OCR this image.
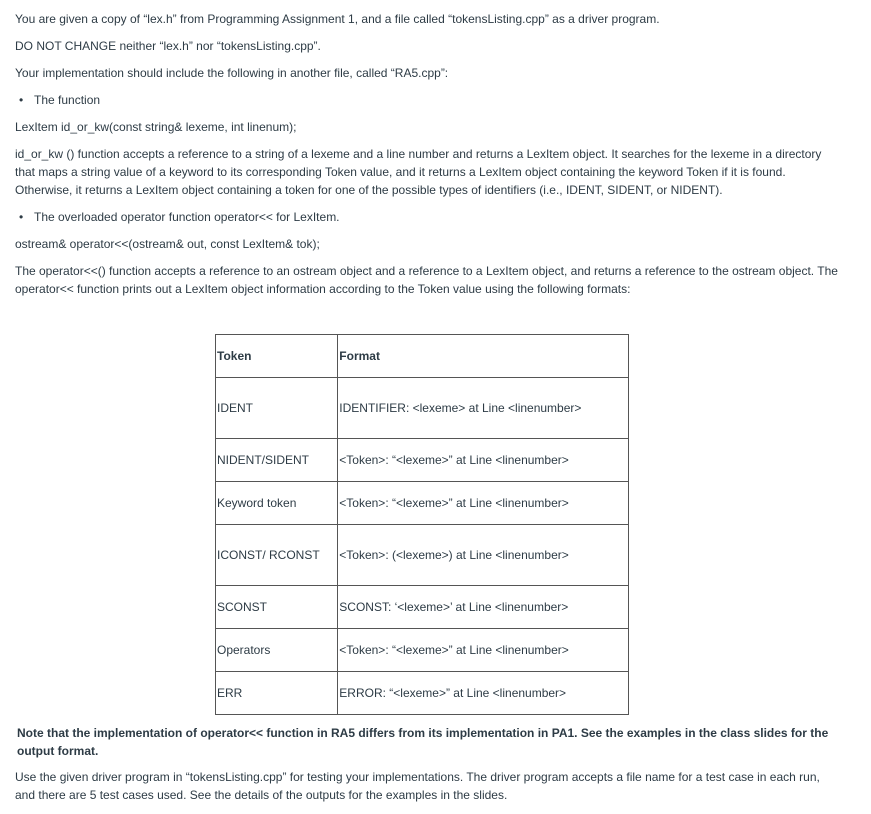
You are given a copy of “lex.h” from Programming Assignment 1, and a file called “tokensListing.cpp” as a driver program.

DO NOT CHANGE neither “lex.h” nor “tokensListing.cpp”.

Your implementation should include the following in another file, called “RA5.cpp”:

• The function

LexItem id_or_kw(const string& lexeme, int linenum);

id_or_kw () function accepts a reference to a string of a lexeme and a line number and returns a LexItem object. It searches for the lexeme in a directory that maps a string value of a keyword to its corresponding Token value, and it returns a LexItem object containing the keyword Token if it is found. Otherwise, it returns a LexItem object containing a token for one of the possible types of identifiers (i.e., IDENT, SIDENT, or NIDENT).

• The overloaded operator function operator<< for LexItem.

ostream& operator<<(ostream& out, const LexItem& tok);

The operator<<() function accepts a reference to an ostream object and a reference to a LexItem object, and returns a reference to the ostream object. The operator<< function prints out a LexItem object information according to the Token value using the following formats:

Token	Format
IDENT	IDENTIFIER: <lexeme> at Line <linenumber>
NIDENT/SIDENT	<Token>: “<lexeme>” at Line <linenumber>
Keyword token	<Token>: “<lexeme>” at Line <linenumber>
ICONST/ RCONST	<Token>: (<lexeme>) at Line <linenumber>
SCONST	SCONST: ‘<lexeme>’ at Line <linenumber>
Operators	<Token>: “<lexeme>” at Line <linenumber>
ERR	ERROR: “<lexeme>” at Line <linenumber>

Note that the implementation of operator<< function in RA5 differs from its implementation in PA1. See the examples in the class slides for the output format.

Use the given driver program in “tokensListing.cpp” for testing your implementations. The driver program accepts a file name for a test case in each run, and there are 5 test cases used. See the details of the outputs for the examples in the slides.
